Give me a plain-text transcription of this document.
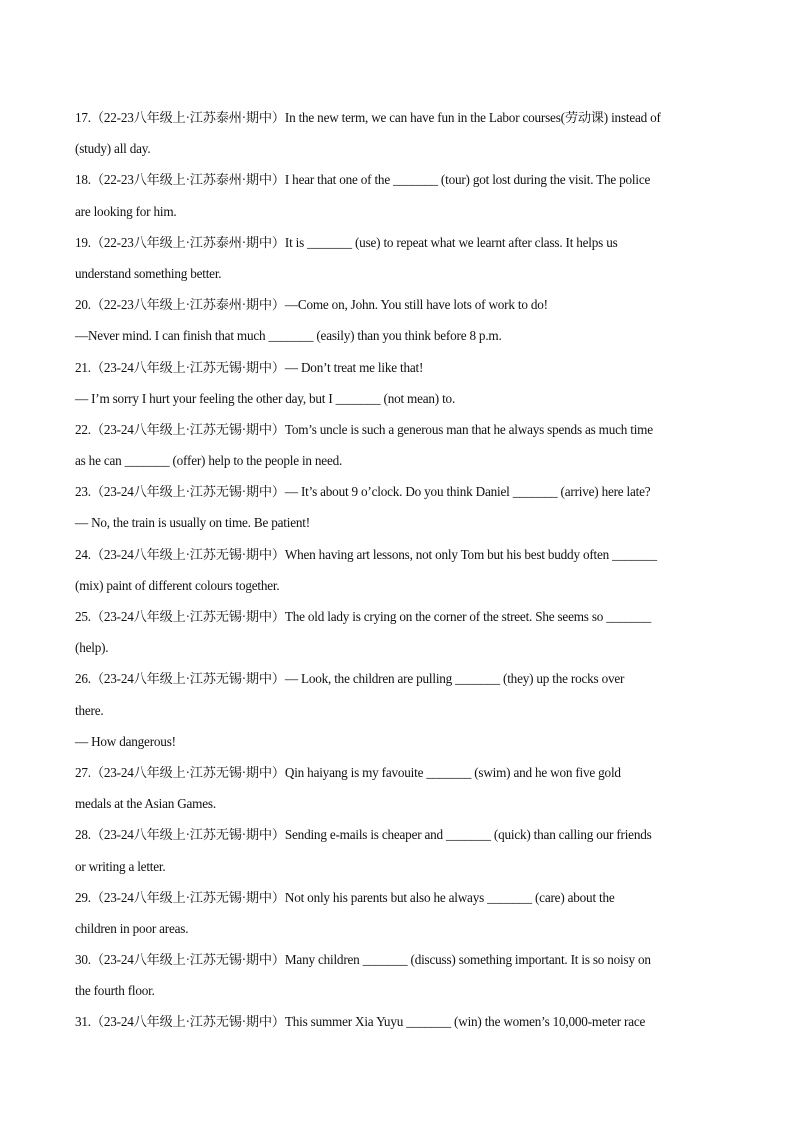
17.（22-23八年级上·江苏泰州·期中）In the new term, we can have fun in the Labor courses(劳动课) instead of
(study) all day.
18.（22-23八年级上·江苏泰州·期中）I hear that one of the _______ (tour) got lost during the visit. The police
are looking for him.
19.（22-23八年级上·江苏泰州·期中）It is _______ (use) to repeat what we learnt after class. It helps us
understand something better.
20.（22-23八年级上·江苏泰州·期中）—Come on, John. You still have lots of work to do!
—Never mind. I can finish that much _______ (easily) than you think before 8 p.m.
21.（23-24八年级上·江苏无锡·期中）— Don’t treat me like that!
— I’m sorry I hurt your feeling the other day, but I _______ (not mean) to.
22.（23-24八年级上·江苏无锡·期中）Tom’s uncle is such a generous man that he always spends as much time
as he can _______ (offer) help to the people in need.
23.（23-24八年级上·江苏无锡·期中）— It’s about 9 o’clock. Do you think Daniel _______ (arrive) here late?
— No, the train is usually on time. Be patient!
24.（23-24八年级上·江苏无锡·期中）When having art lessons, not only Tom but his best buddy often _______
(mix) paint of different colours together.
25.（23-24八年级上·江苏无锡·期中）The old lady is crying on the corner of the street. She seems so _______
(help).
26.（23-24八年级上·江苏无锡·期中）— Look, the children are pulling _______ (they) up the rocks over
there.
— How dangerous!
27.（23-24八年级上·江苏无锡·期中）Qin haiyang is my favouite _______ (swim) and he won five gold
medals at the Asian Games.
28.（23-24八年级上·江苏无锡·期中）Sending e-mails is cheaper and _______ (quick) than calling our friends
or writing a letter.
29.（23-24八年级上·江苏无锡·期中）Not only his parents but also he always _______ (care) about the
children in poor areas.
30.（23-24八年级上·江苏无锡·期中）Many children _______ (discuss) something important. It is so noisy on
the fourth floor.
31.（23-24八年级上·江苏无锡·期中）This summer Xia Yuyu _______ (win) the women’s 10,000-meter race
